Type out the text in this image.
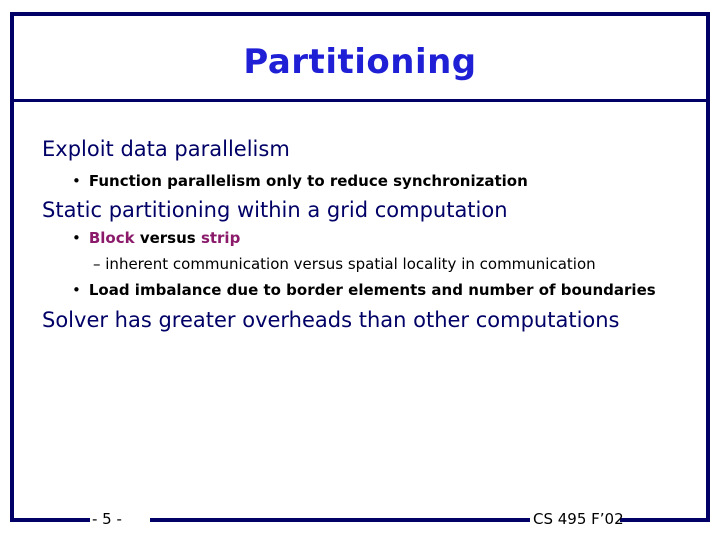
Partitioning
Exploit data parallelism
• Function parallelism only to reduce synchronization
Static partitioning within a grid computation
• Block versus strip
– inherent communication versus spatial locality in communication
• Load imbalance due to border elements and number of boundaries
Solver has greater overheads than other computations
- 5 -	CS 495 F’02
